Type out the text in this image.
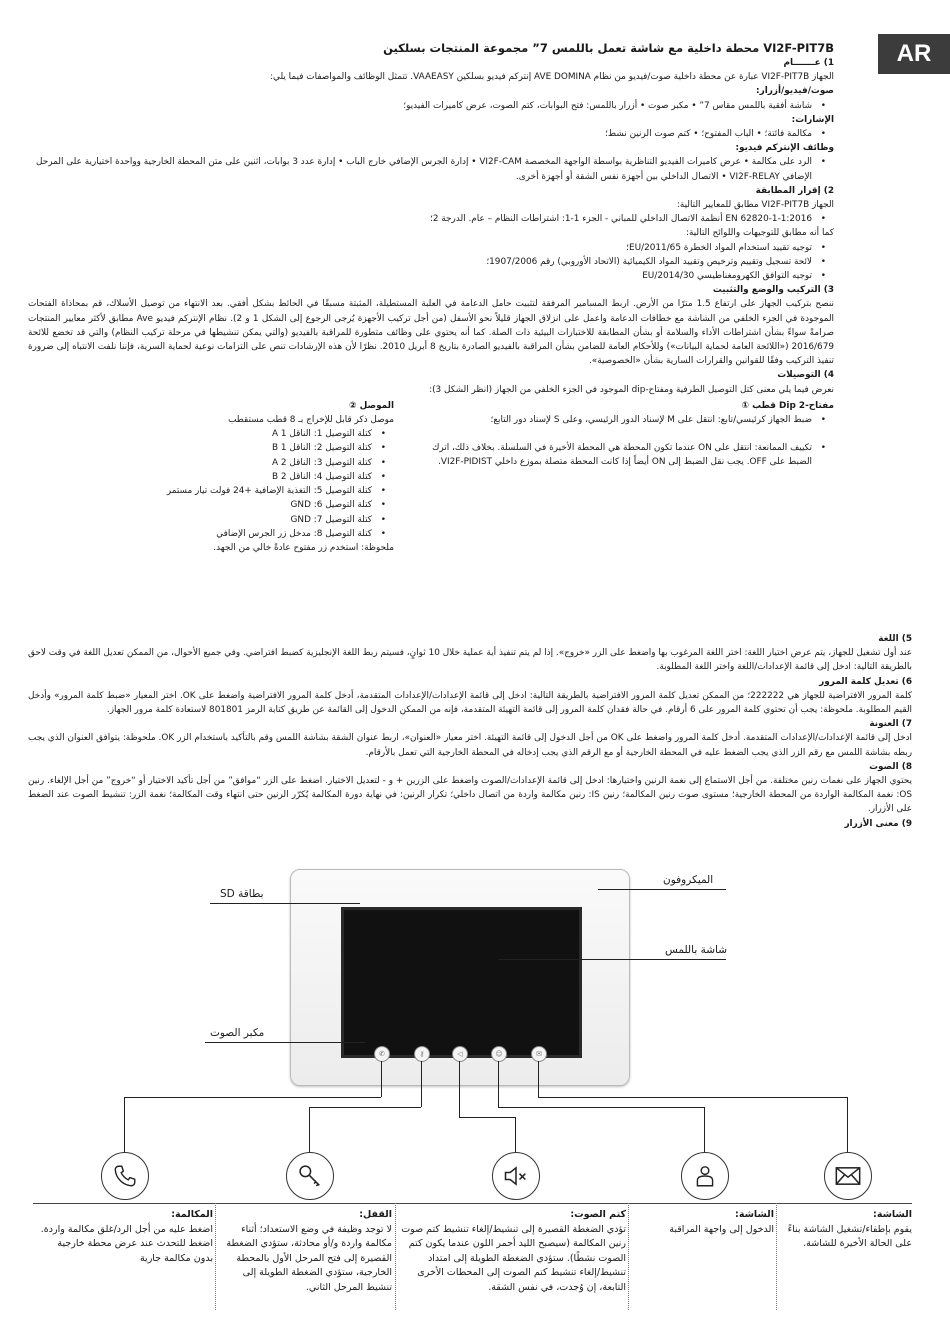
AR
VI2F-PIT7B محطة داخلية مع شاشة تعمل باللمس 7” مجموعة المنتجات بسلكين

1) عـــــــام

الجهاز VI2F-PIT7B عبارة عن محطة داخلية صوت/فيديو من نظام AVE DOMINA إنتركم فيديو بسلكين VAAEASY. تتمثل الوظائف والمواصفات فيما يلي:

صوت/فيديو/أزرار:

• شاشة أفقية باللمس مقاس 7” • مكبر صوت • أزرار باللمس: فتح البوابات، كتم الصوت، عرض كاميرات الفيديو؛

الإشارات:

• مكالمة فائتة؛ • الباب المفتوح؛ • كتم صوت الرنين نشط؛

وظائف الإنتركم فيديو:

• الرد على مكالمة • عرض كاميرات الفيديو التناظرية بواسطة الواجهة المخصصة VI2F-CAM • إدارة الجرس الإضافي خارج الباب • إدارة عدد 3 بوابات، اثنين على متن المحطة الخارجية وواحدة اختيارية على المرحل الإضافي VI2F-RELAY • الاتصال الداخلي بين أجهزة نفس الشقة أو أجهزة أخرى.

2) إقرار المطابقة

الجهاز VI2F-PIT7B مطابق للمعايير التالية:

• EN 62820-1-1:2016 أنظمة الاتصال الداخلي للمباني - الجزء 1-1: اشتراطات النظام – عام. الدرجة 2؛

كما أنه مطابق للتوجيهات واللوائح التالية:

• توجيه تقييد استخدام المواد الخطرة 2011/65/EU؛

• لائحة تسجيل وتقييم وترخيص وتقييد المواد الكيميائية (الاتحاد الأوروبي) رقم 1907/2006؛

• توجيه التوافق الكهرومغناطيسي 2014/30/EU

3) التركيب والوضع والتثبيت

ننصح بتركيب الجهاز على ارتفاع 1.5 مترًا من الأرض. اربط المسامير المرفقة لتثبيت حامل الدعامة في العلبة المستطيلة، المثبتة مسبقًا في الحائط بشكل أفقي. بعد الانتهاء من توصيل الأسلاك، قم بمحاذاة الفتحات الموجودة في الجزء الخلفي من الشاشة مع خطافات الدعامة واعمل على انزلاق الجهاز قليلاً نحو الأسفل (من أجل تركيب الأجهزة يُرجى الرجوع إلى الشكل 1 و 2). نظام الإنتركم فيديو Ave مطابق لأكثر معايير المنتجات صرامةً سواءً بشأن اشتراطات الأداء والسلامة أو بشأن المطابقة للاختبارات البيئية ذات الصلة. كما أنه يحتوي على وظائف متطورة للمراقبة بالفيديو (والتي يمكن تنشيطها في مرحلة تركيب النظام) والتي قد تخضع للائحة 2016/679 («اللائحة العامة لحماية البيانات») وللأحكام العامة للضامن بشأن المراقبة بالفيديو الصادرة بتاريخ 8 أبريل 2010. نظرًا لأن هذه الإرشادات تنص على التزامات نوعية لحماية السرية، فإننا نلفت الانتباه إلى ضرورة تنفيذ التركيب وفقًا للقوانين والقرارات السارية بشأن «الخصوصية».

4) التوصيلات

نعرض فيما يلي معنى كتل التوصيل الطرفية ومفتاح-dip الموجود في الجزء الخلفي من الجهاز (انظر الشكل 3):

مفتاح-Dip 2 قطب ①

• ضبط الجهاز كرئيسي/تابع: انتقل على M لإسناد الدور الرئيسي، وعلى S لإسناد دور التابع؛

• تكييف الممانعة: انتقل على ON عندما تكون المحطة هي المحطة الأخيرة في السلسلة. بخلاف ذلك، اترك الضبط على OFF. يجب نقل الضبط إلى ON أيضاً إذا كانت المحطة متصلة بموزع داخلي VI2F-PIDIST.

الموصل ②

موصل ذكر قابل للإخراج بـ 8 قطب مستقطب

• كتلة التوصيل 1: الناقل A 1

• كتلة التوصيل 2: الناقل B 1

• كتلة التوصيل 3: الناقل A 2

• كتلة التوصيل 4: الناقل B 2

• كتلة التوصيل 5: التغذية الإضافية +24 فولت تيار مستمر

• كتلة التوصيل 6: GND

• كتلة التوصيل 7: GND

• كتلة التوصيل 8: مدخل زر الجرس الإضافي

ملحوظة: استخدم زر مفتوح عادةً خالي من الجهد.

5) اللغة

عند أول تشغيل للجهاز، يتم عرض اختيار اللغة: اختر اللغة المرغوب بها واضغط على الزر «خروج». إذا لم يتم تنفيذ أية عملية خلال 10 ثوانٍ، فسيتم ربط اللغة الإنجليزية كضبط افتراضي. وفي جميع الأحوال، من الممكن تعديل اللغة في وقت لاحق بالطريقة التالية: ادخل إلى قائمة الإعدادات/اللغة واختر اللغة المطلوبة.

6) تعديل كلمة المرور

كلمة المرور الافتراضية للجهاز هي 222222؛ من الممكن تعديل كلمة المرور الافتراضية بالطريقة التالية: ادخل إلى قائمة الإعدادات/الإعدادات المتقدمة، أدخل كلمة المرور الافتراضية واضغط على OK. اختر المعيار «ضبط كلمة المرور» وأدخل القيم المطلوبة. ملحوظة: يجب أن تحتوي كلمة المرور على 6 أرقام. في حالة فقدان كلمة المرور إلى قائمة التهيئة المتقدمة، فإنه من الممكن الدخول إلى القائمة عن طريق كتابة الرمز 801801 لاستعادة كلمة مرور الجهاز.

7) العنونة

ادخل إلى قائمة الإعدادات/الإعدادات المتقدمة. أدخل كلمة المرور واضغط على OK من أجل الدخول إلى قائمة التهيئة. اختر معيار «العنوان»، اربط عنوان الشقة بشاشة اللمس وقم بالتأكيد باستخدام الزر OK. ملحوظة: يتوافق العنوان الذي يجب ربطه بشاشة اللمس مع رقم الزر الذي يجب الضغط عليه في المحطة الخارجية أو مع الرقم الذي يجب إدخاله في المحطة الخارجية التي تعمل بالأرقام.

8) الصوت

يحتوي الجهاز على نغمات رنين مختلفة. من أجل الاستماع إلى نغمة الرنين واختيارها: ادخل إلى قائمة الإعدادات/الصوت واضغط على الزرين + و - لتعديل الاختيار. اضغط على الزر “موافق” من أجل تأكيد الاختيار أو “خروج” من أجل الإلغاء. رنين OS: نغمة المكالمة الواردة من المحطة الخارجية؛ مستوى صوت رنين المكالمة؛ رنين IS: رنين مكالمة واردة من اتصال داخلي؛ تكرار الرنين: في نهاية دورة المكالمة يُكرّر الرنين حتى انتهاء وقت المكالمة؛ نغمة الزر: تنشيط الصوت عند الضغط على الأزرار.

9) معنى الأزرار

✆	⚷	◁	☺	✉
بطاقة SD
الميكروفون
شاشة باللمس
مكبر الصوت
المكالمة:
اضغط عليه من أجل الرد/غلق مكالمة واردة. اضغط للتحدث عند عرض محطة خارجية بدون مكالمة جارية
القفل:
لا توجد وظيفة في وضع الاستعداد؛ أثناء مكالمة واردة و/أو محادثة، ستؤدي الضغطة القصيرة إلى فتح المرحل الأول بالمحطة الخارجية، ستؤدي الضغطة الطويلة إلى تنشيط المرحل الثاني.
كتم الصوت:
تؤدي الضغطة القصيرة إلى تنشيط/إلغاء تنشيط كتم صوت رنين المكالمة (سيصبح الليد أحمر اللون عندما يكون كتم الصوت نشطًا). ستؤدي الضغطة الطويلة إلى امتداد تنشيط/إلغاء تنشيط كتم الصوت إلى المحطات الأخرى التابعة، إن وُجدت، في نفس الشقة.
الشاشة:
الدخول إلى واجهة المراقبة
الشاشة:
يقوم بإطفاء/تشغيل الشاشة بناءً على الحالة الأخيرة للشاشة.
